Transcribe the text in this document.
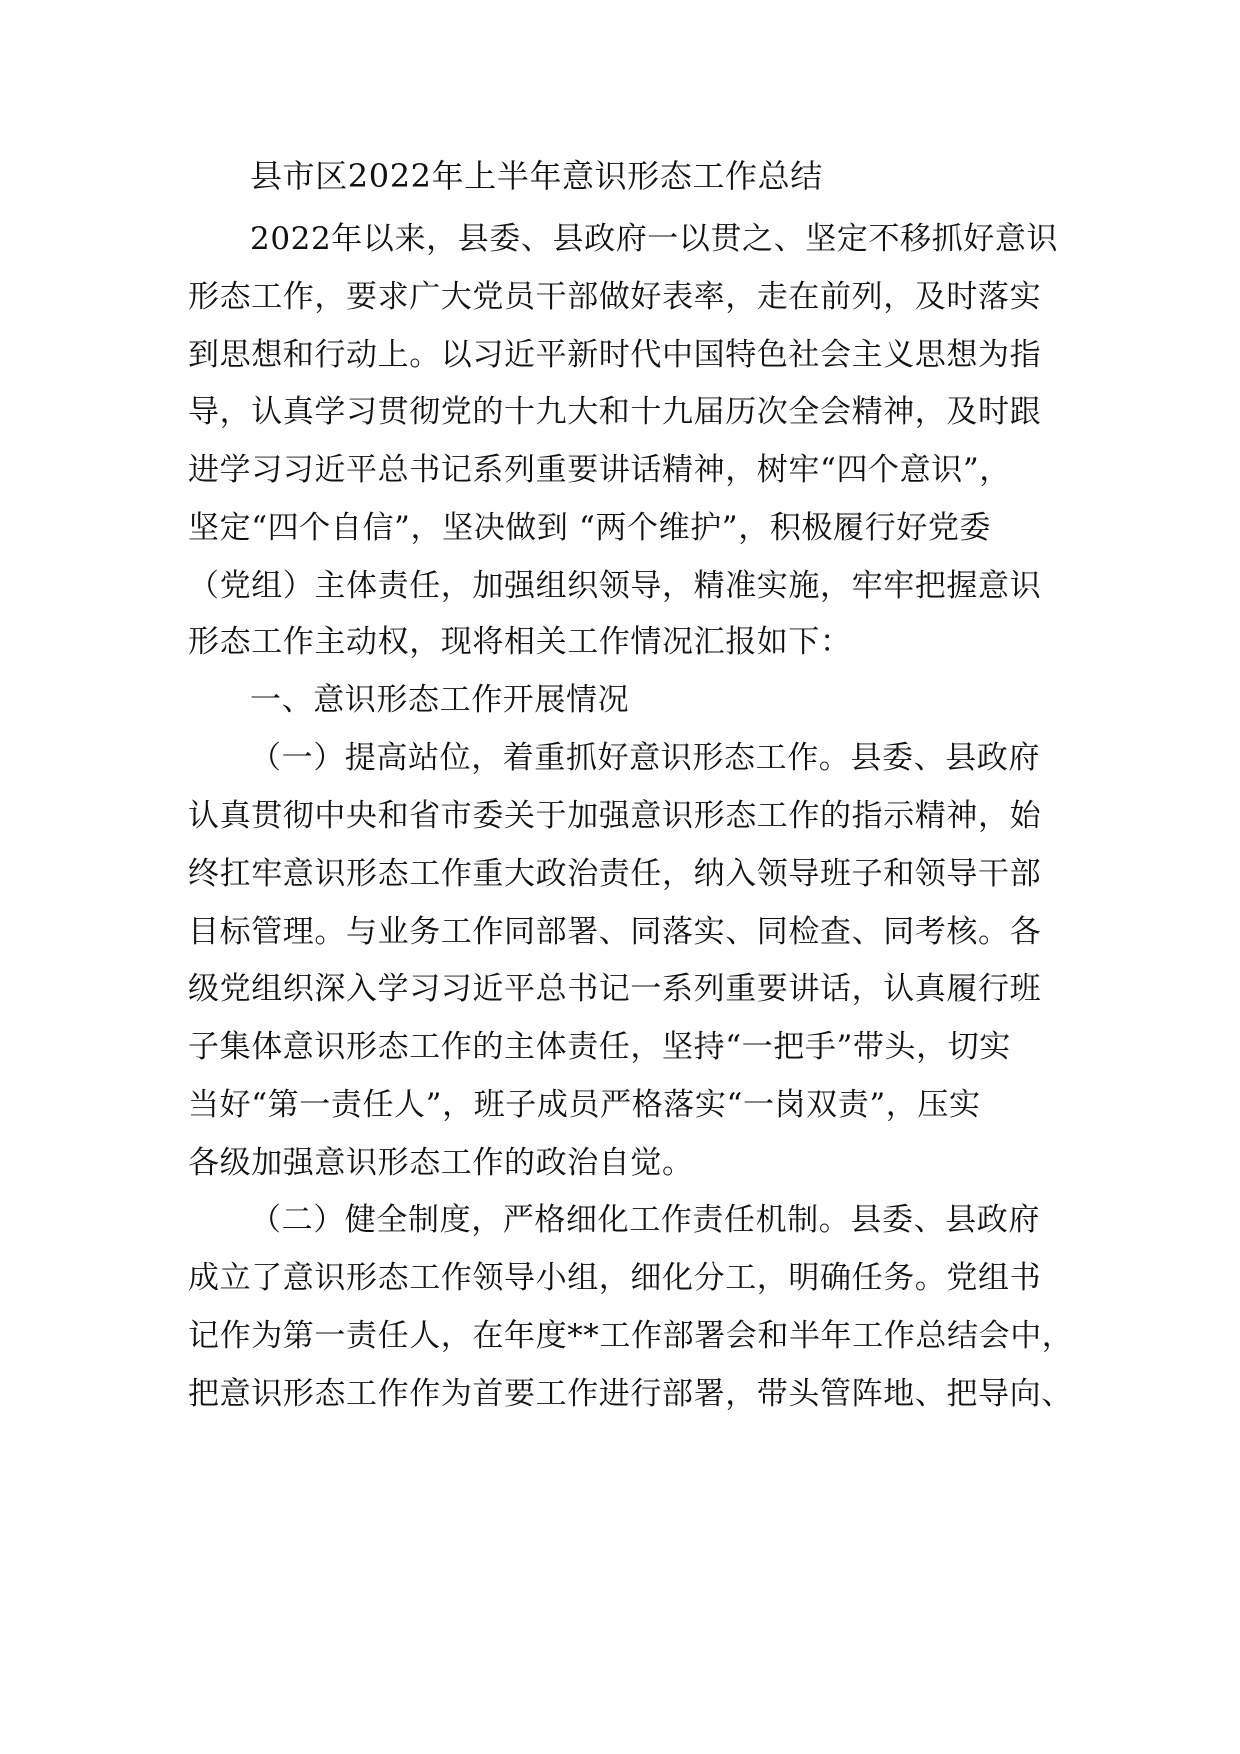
县市区2022年上半年意识形态工作总结
2022年以来，县委、县政府一以贯之、坚定不移抓好意识
形态工作，要求广大党员干部做好表率，走在前列，及时落实
到思想和行动上。以习近平新时代中国特色社会主义思想为指
导，认真学习贯彻党的十九大和十九届历次全会精神，及时跟
进学习习近平总书记系列重要讲话精神，树牢“四个意识”，
坚定“四个自信”，坚决做到 “两个维护”，积极履行好党委
（党组）主体责任，加强组织领导，精准实施，牢牢把握意识
形态工作主动权，现将相关工作情况汇报如下：
一、意识形态工作开展情况
（一）提高站位，着重抓好意识形态工作。县委、县政府
认真贯彻中央和省市委关于加强意识形态工作的指示精神，始
终扛牢意识形态工作重大政治责任，纳入领导班子和领导干部
目标管理。与业务工作同部署、同落实、同检查、同考核。各
级党组织深入学习习近平总书记一系列重要讲话，认真履行班
子集体意识形态工作的主体责任，坚持“一把手”带头，切实
当好“第一责任人”，班子成员严格落实“一岗双责”，压实
各级加强意识形态工作的政治自觉。
（二）健全制度，严格细化工作责任机制。县委、县政府
成立了意识形态工作领导小组，细化分工，明确任务。党组书
记作为第一责任人，在年度**工作部署会和半年工作总结会中，
把意识形态工作作为首要工作进行部署，带头管阵地、把导向、
